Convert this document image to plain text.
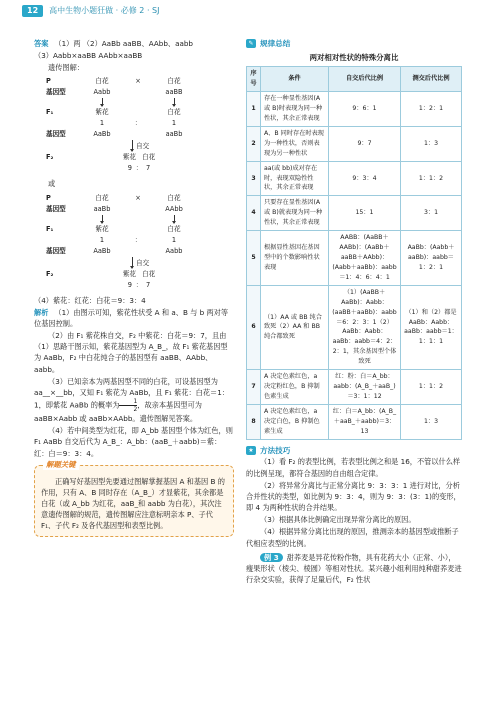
12	高中生物小题狂做 · 必修 2 · SJ
答案 （1）两 （2）AaBb aaBB、AAbb、aabb
（3）Aabb×aaBB AAbb×aaBB
遗传图解：
P	白花	×	白花
基因型	Aabb	aaBB
F₁	紫花	白花
1	：	1
基因型	AaBb	aaBb
自交
F₂	紫花 白花
9 ： 7
或
P	白花	×	白花
基因型	aaBb	AAbb
F₁	紫花	白花
1	：	1
基因型	AaBb	Aabb
自交
F₂	紫花 白花
9 ： 7
（4）紫花：红花：白花＝9：3：4
解析 （1）由图示可知，紫花性状受 A 和 a、B 与 b 两对等位基因控制。
（2）由 F₁ 紫花株自交，F₂ 中紫花：白花＝9：7，且由（1）思路干图示知，紫花基因型为 A_B_，故 F₁ 紫花基因型为 AaBb，F₂ 中白花纯合子的基因型有 aaBB、AAbb、aabb。
（3）已知亲本为两基因型不同的白花，可设基因型为 aa__×__bb，又知 F₁ 紫花为 AaBb，且 F₁ 紫花：白花＝1：1，即紫花 AaBb 的概率为 $\frac{1}{2}$ ，故亲本基因型可为 aaBB×Aabb 或 aaBb×AAbb。遗传图解见答案。
（4）若中间类型为红花，即 A_bb 基因型个体为红色，则 F₁ AaBb 自交后代为 A_B_：A_bb：(aaB_＋aabb)＝紫：红：白＝9：3：4。
解题关键
正确写好基因型先要通过图解掌握基因 A 和基因 B 的作用，只有 A、B 同时存在（A_B_）才显紫花，其余都是白花（或 A_bb 为红花，aaB_和 aabb 为白花），其次注意遗传图解的规范，遗传图解应注意标明亲本 P、子代 F₁、子代 F₂ 及各代基因型和表型比例。
✎ 规律总结
两对相对性状的特殊分离比
序号	条件	自交后代比例	测交后代比例
1	存在一种显性基因(A 或 B)时表现为同一种性状，其余正常表现	9：6：1	1：2：1
2	A、B 同时存在时表现为一种性状，否则表现为另一种性状	9：7	1：3
3	aa(或 bb)成对存在时，表现双隐性性状，其余正常表现	9：3：4	1：1：2
4	只要存在显性基因(A 或 B)就表现为同一种性状，其余正常表现	15：1	3：1
5	根据显性基因在基因型中的个数影响性状表现	AABB：(AaBB＋AABb)：(AaBb＋aaBB＋AAbb)：(Aabb＋aaBb)：aabb＝1：4：6：4：1	AaBb：(Aabb＋aaBb)：aabb＝1：2：1
6	（1）AA 或 BB 纯合致死（2）AA 和 BB 纯合都致死	（1）(AaBB＋AaBb)：Aabb：(aaBB＋aaBb)：aabb＝6：2：3：1（2）AaBb：Aabb：aaBb：aabb＝4：2：2：1，其余基因型个体致死	（1）和（2）都是 AaBb：Aabb：aaBb：aabb＝1：1：1：1
7	A 决定色素红色，a 决定粉红色，B 抑制色素生成	红：粉：白＝A_bb：aabb：(A_B_＋aaB_)＝3：1：12	1：1：2
8	A 决定色素红色，a 决定白色，B 抑制色素生成	红：白＝A_bb：(A_B_＋aaB_＋aabb)＝3：13	1：3
★ 方法技巧
（1）看 F₂ 的表型比例，若表型比例之和是 16，不管以什么样的比例呈现，都符合基因的自由组合定律。
（2）将异常分离比与正常分离比 9：3：3：1 进行对比，分析合并性状的类型，如比例为 9：3：4，则为 9：3：(3：1)的变形，即 4 为两种性状的合并结果。
（3）根据具体比例确定出现异常分离比的原因。
（4）根据异常分离比出现的原因，推测亲本的基因型或推断子代相应表型的比例。
例 3 甜荞麦是异花传粉作物，具有花药大小（正常、小），瘦果形状（棱尖、棱圆）等相对性状。某兴趣小组利用纯种甜荞麦进行杂交实验，获得了足量后代，F₂ 性状
